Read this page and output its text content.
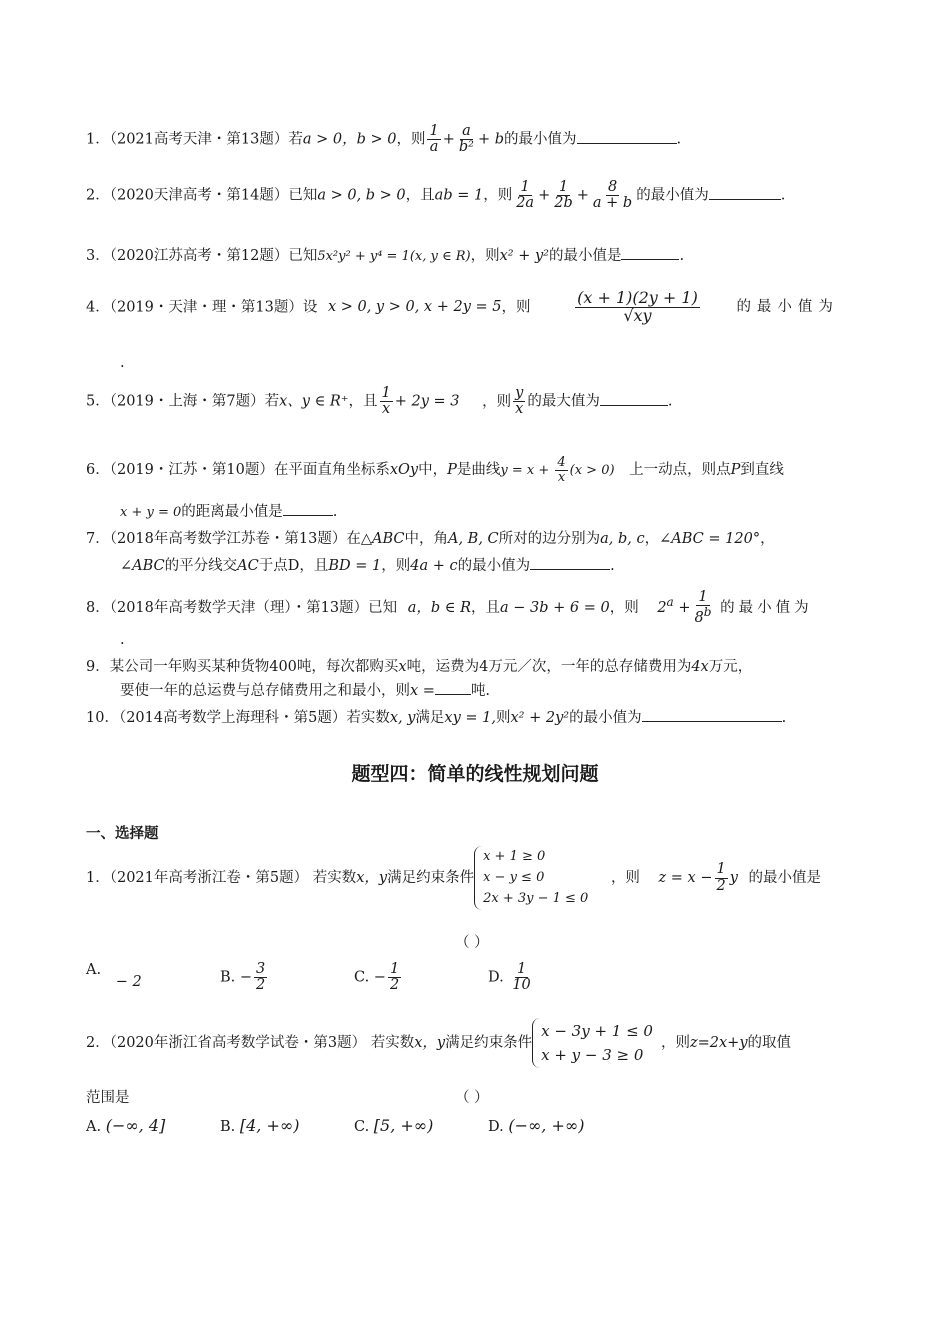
1．（2021高考天津・第13题）若a > 0，b > 0，则 $\frac{1}{a} + \frac{a}{\text{b²}} + b$的最小值为	.
2．（2020天津高考・第14题）已知a > 0, b > 0，且ab = 1，则 $\frac{1}{2a} + \frac{1}{2b} + \frac{8}{a + b}$ 的最小值为	.
3．（2020江苏高考・第12题）已知5x²y² + y⁴ = 1(x, y ∈ R)，则x² + y²的最小值是	.
4．（2019・天津・理・第13题）设 x > 0, y > 0, x + 2y = 5，则	$\frac{(x + 1)(2y + 1)}{√xy}$	的最小值为
.
5．（2019・上海・第7题）若x、y ∈ R⁺，且 $\frac{1}{x} + 2y = 3$ ，则 $\frac{y}{x}$ 的最大值为	.
6．（2019・江苏・第10题）在平面直角坐标系xOy中，P是曲线$y = x + \frac{4}{x} (x > 0)$ 上一动点，则点P到直线
x + y = 0的距离最小值是	.
7．（2018年高考数学江苏卷・第13题）在△ABC中，角A, B, C所对的边分别为a, b, c，∠ABC = 120°，
∠ABC的平分线交AC于点D，且BD = 1，则4a + c的最小值为	.
8．（2018年高考数学天津（理）・第13题）已知 a，b ∈ R，且a − 3b + 6 = 0，则 $2^a + \frac{1}{8^b}$ 的最小值为
.
9．某公司一年购买某种货物400吨，每次都购买x吨，运费为4万元／次，一年的总存储费用为4x万元，
要使一年的总运费与总存储费用之和最小，则x = 吨.
10．（2014高考数学上海理科・第5题）若实数x, y满足xy = 1,则x² + 2y²的最小值为	.
题型四：简单的线性规划问题
一、选择题
1．（2021年高考浙江卷・第5题） 若实数x，y满足约束条件
x + 1 ≥ 0
x − y ≤ 0
2x + 3y − 1 ≤ 0
，则 $z = x - \frac{1}{2}$ y 的最小值是
（ ）
A. − 2	B. − $\frac{3}{2}$	C. − $\frac{1}{2}$	D. $\frac{1}{10}$
2．（2020年浙江省高考数学试卷・第3题） 若实数x，y满足约束条件
x − 3y + 1 ≤ 0
x + y − 3 ≥ 0
，则z=2x+y的取值
范围是	（ ）
A. (−∞, 4]	B. [4, +∞)	C. [5, +∞)	D. (−∞, +∞)
